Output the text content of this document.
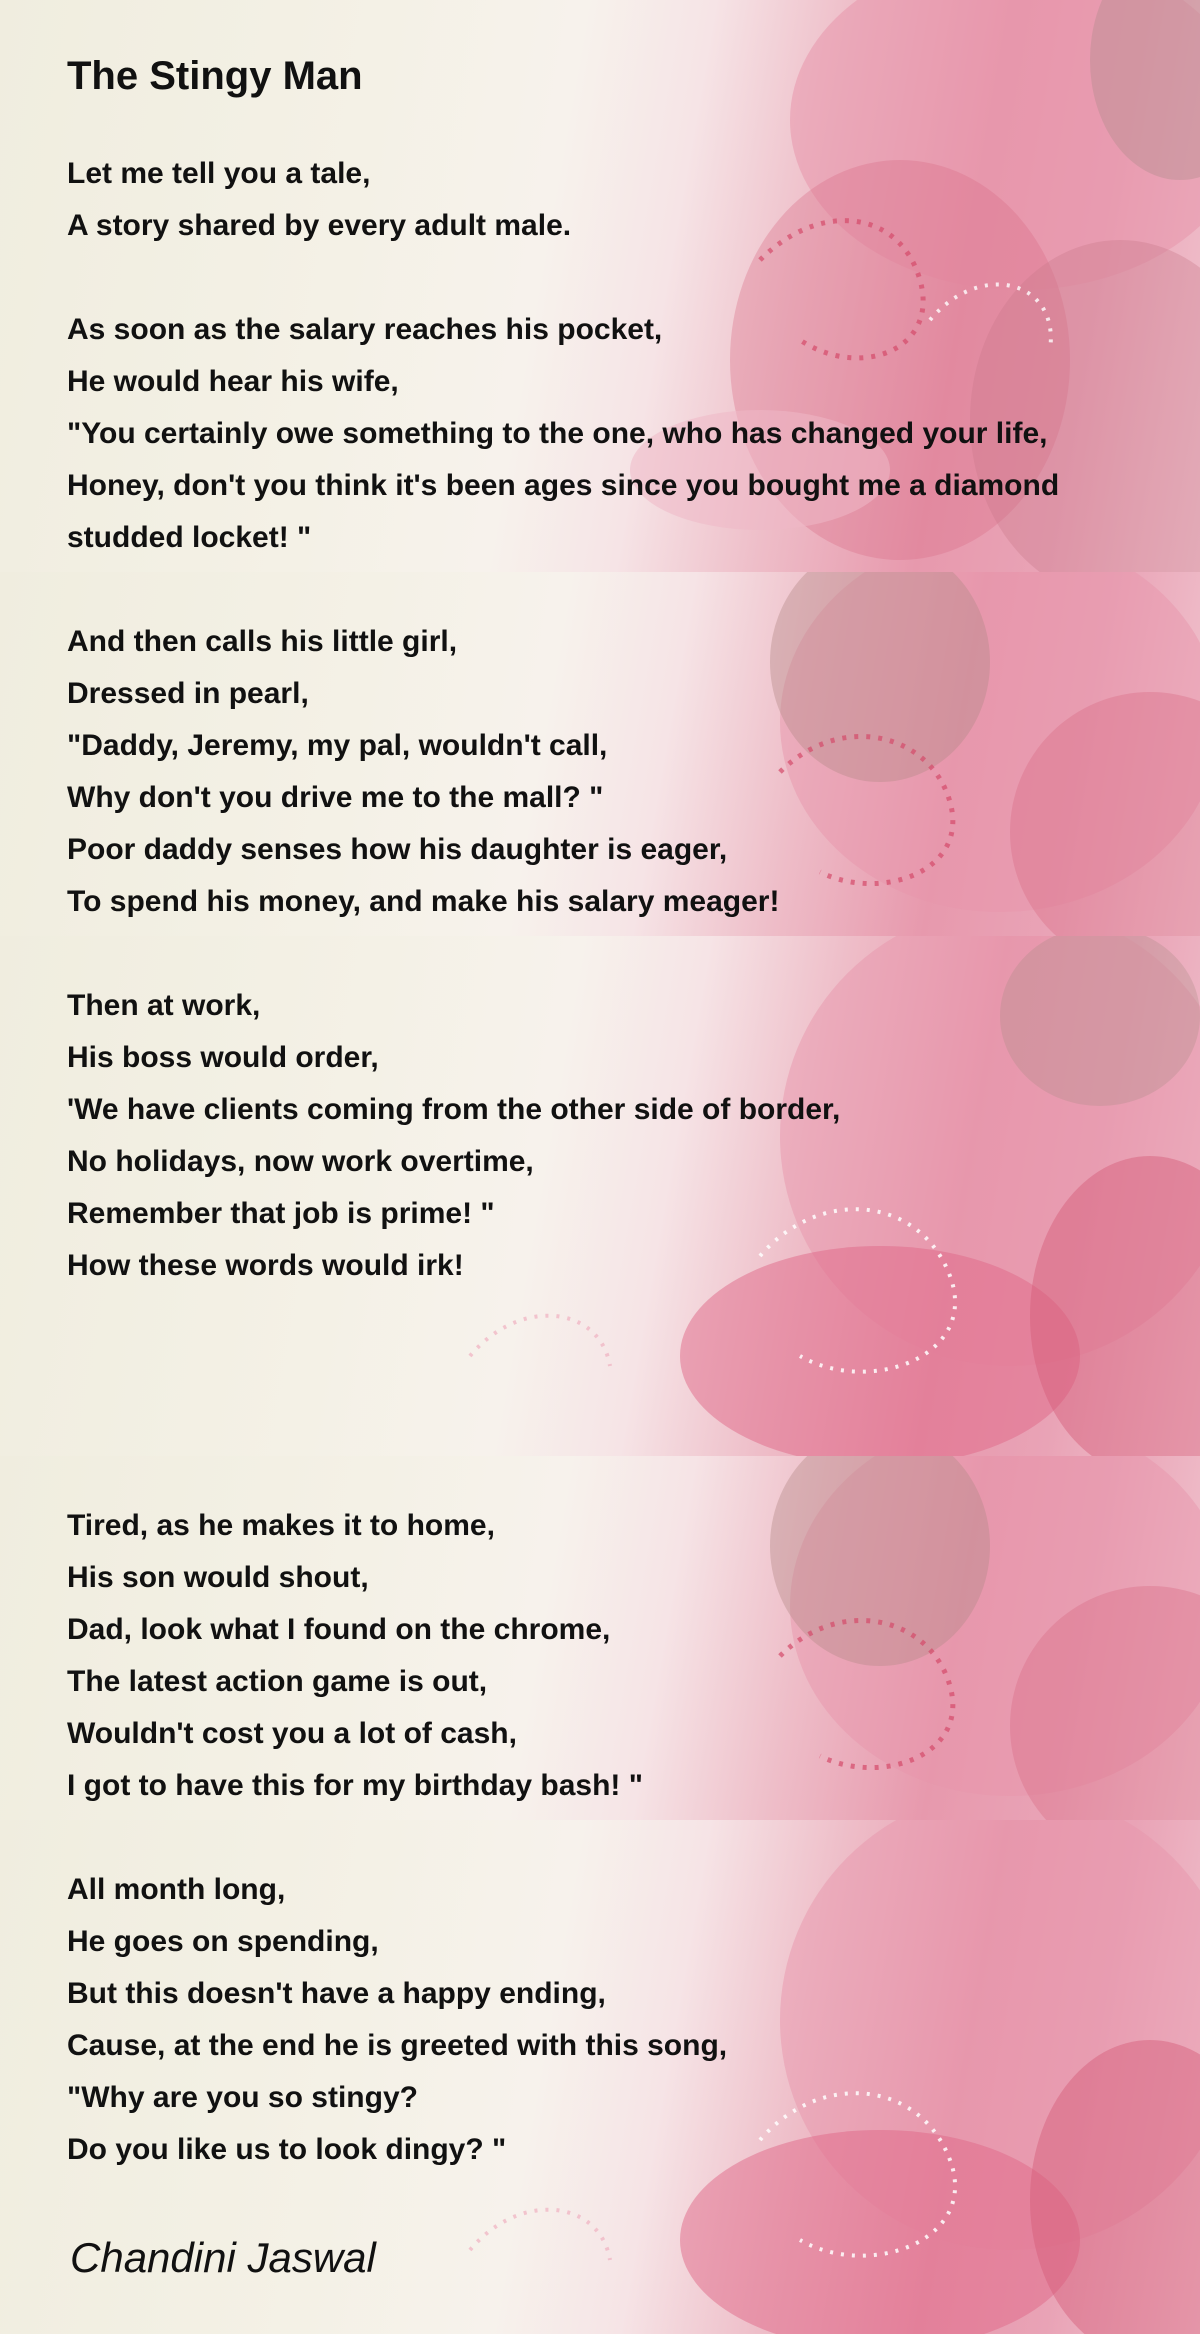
The Stingy Man
Let me tell you a tale,
A story shared by every adult male.
As soon as the salary reaches his pocket,
He would hear his wife,
"You certainly owe something to the one, who has changed your life,
Honey, don't you think it's been ages since you bought me a diamond
studded locket! "
And then calls his little girl,
Dressed in pearl,
"Daddy, Jeremy, my pal, wouldn't call,
Why don't you drive me to the mall? "
Poor daddy senses how his daughter is eager,
To spend his money, and make his salary meager!
Then at work,
His boss would order,
'We have clients coming from the other side of border,
No holidays, now work overtime,
Remember that job is prime! "
How these words would irk!
Tired, as he makes it to home,
His son would shout,
Dad, look what I found on the chrome,
The latest action game is out,
Wouldn't cost you a lot of cash,
I got to have this for my birthday bash! "
All month long,
He goes on spending,
But this doesn't have a happy ending,
Cause, at the end he is greeted with this song,
"Why are you so stingy?
Do you like us to look dingy? "
Chandini Jaswal
